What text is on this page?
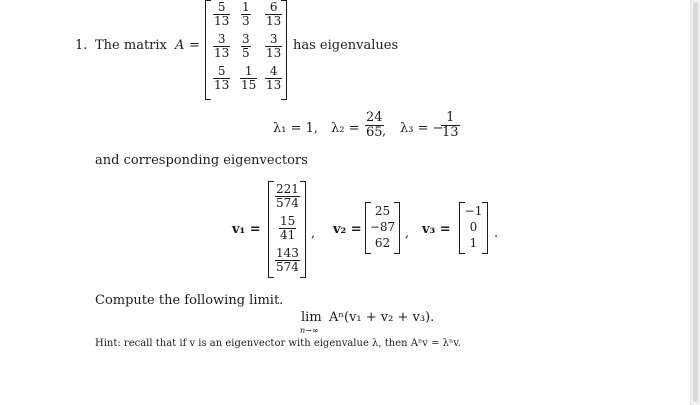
1. The matrix A =
$\frac{5}{13} \frac{1}{3} \frac{6}{13}$
$\frac{3}{13} \frac{3}{5} \frac{3}{13}$
$\frac{5}{13} \frac{1}{15} \frac{4}{13}$
has eigenvalues
λ₁ = 1, $\lambda_2 = \frac{24}{65}$
, λ₃ = −
$\frac{1}{13}$
and corresponding eigenvectors
v₁ =
$\frac{221}{574}$
$\frac{15}{41}$
$\frac{143}{574}$
, v₂ =
25
−87
62
, v₃ =
−1
0
1
.
Compute the following limit.
lim
n→∞
Aⁿ(v₁ + v₂ + v₃).
Hint: recall that if v is an eigenvector with eigenvalue λ, then Aⁿv = λⁿv.
